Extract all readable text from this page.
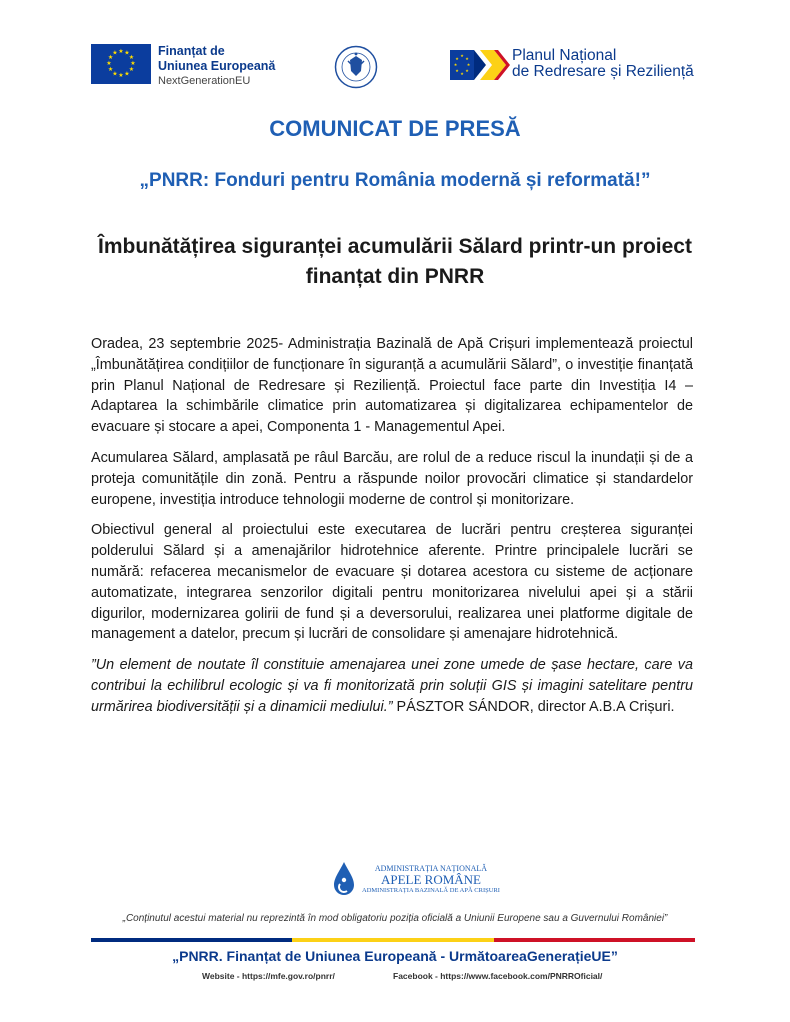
★ ★
★
★
★
★
★
★
★
★
★
★	Finanțat de
Uniunea Europeană
NextGenerationEU
★
★
★
★
★
★
★
★	Planul Național
de Redresare și Reziliență
COMUNICAT DE PRESĂ
„PNRR: Fonduri pentru România modernă și reformată!”
Îmbunătățirea siguranței acumulării Sălard printr-un proiect finanțat din PNRR

Oradea, 23 septembrie 2025- Administrația Bazinală de Apă Crișuri implementează proiectul „Îmbunătățirea condițiilor de funcționare în siguranță a acumulării Sălard”, o investiție finanțată prin Planul Național de Redresare și Reziliență. Proiectul face parte din Investiția I4 – Adaptarea la schimbările climatice prin automatizarea și digitalizarea echipamentelor de evacuare și stocare a apei, Componenta 1 - Managementul Apei.

Acumularea Sălard, amplasată pe râul Barcău, are rolul de a reduce riscul la inundații și de a proteja comunitățile din zonă. Pentru a răspunde noilor provocări climatice și standardelor europene, investiția introduce tehnologii moderne de control și monitorizare.

Obiectivul general al proiectului este executarea de lucrări pentru creșterea siguranței polderului Sălard și a amenajărilor hidrotehnice aferente. Printre principalele lucrări se numără: refacerea mecanismelor de evacuare și dotarea acestora cu sisteme de acționare automatizate, integrarea senzorilor digitali pentru monitorizarea nivelului apei și a stării digurilor, modernizarea golirii de fund și a deversorului, realizarea unei platforme digitale de management a datelor, precum și lucrări de consolidare și amenajare hidrotehnică.

”Un element de noutate îl constituie amenajarea unei zone umede de șase hectare, care va contribui la echilibrul ecologic și va fi monitorizată prin soluții GIS și imagini satelitare pentru urmărirea biodiversității și a dinamicii mediului.” PÁSZTOR SÁNDOR, director A.B.A Crișuri.

ADMINISTRAȚIA NAȚIONALĂ
APELE ROMÂNE
ADMINISTRAȚIA BAZINALĂ DE APĂ CRIȘURI
„Conținutul acestui material nu reprezintă în mod obligatoriu poziția oficială a Uniunii Europene sau a Guvernului României”
„PNRR. Finanțat de Uniunea Europeană - UrmătoareaGenerațieUE”
Website - https://mfe.gov.ro/pnrr/	Facebook - https://www.facebook.com/PNRROficial/
